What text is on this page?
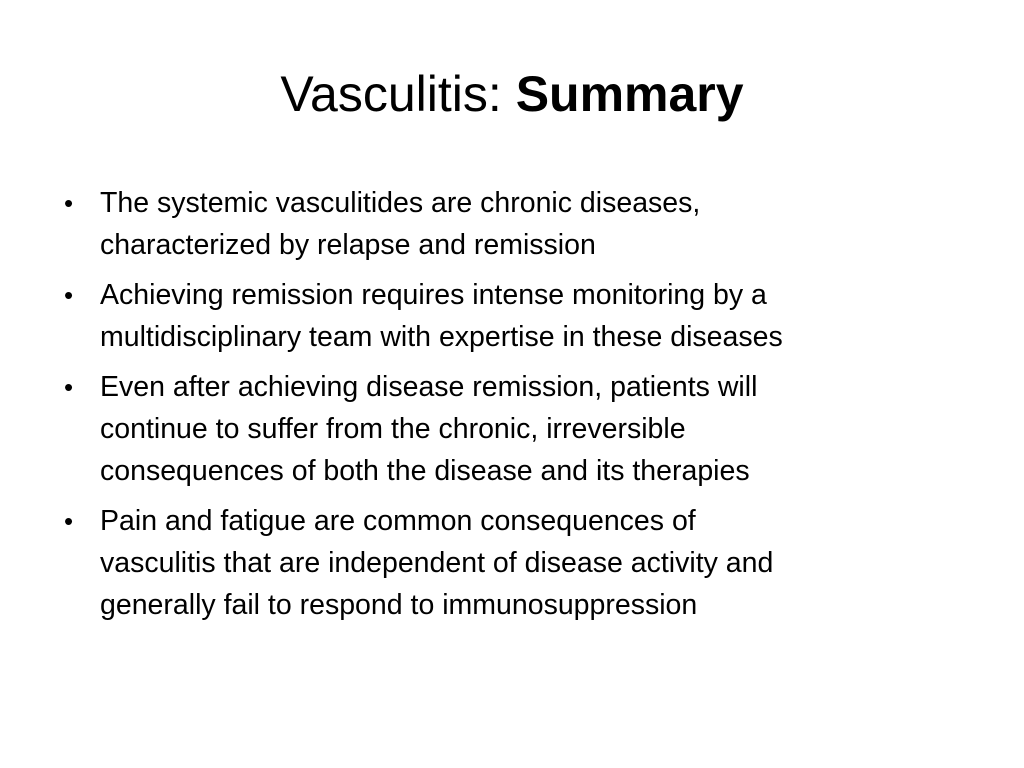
Vasculitis: Summary
• The systemic vasculitides are chronic diseases,
characterized by relapse and remission
• Achieving remission requires intense monitoring by a
multidisciplinary team with expertise in these diseases
• Even after achieving disease remission, patients will
continue to suffer from the chronic, irreversible
consequences of both the disease and its therapies
• Pain and fatigue are common consequences of
vasculitis that are independent of disease activity and
generally fail to respond to immunosuppression
